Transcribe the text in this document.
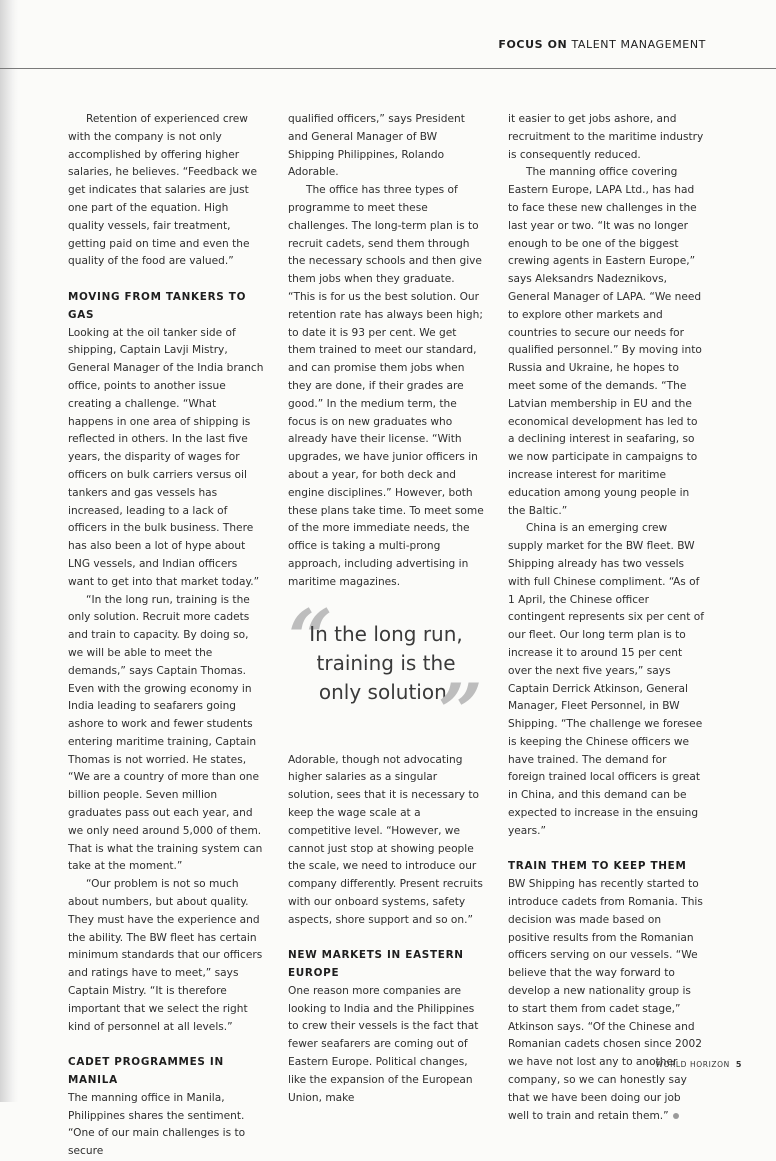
FOCUS ON TALENT MANAGEMENT

Retention of experienced crew with the company is not only accomplished by offering higher salaries, he believes. “Feedback we get indicates that salaries are just one part of the equation. High quality vessels, fair treatment, getting paid on time and even the quality of the food are valued.”

MOVING FROM TANKERS TO GAS

Looking at the oil tanker side of shipping, Captain Lavji Mistry, General Manager of the India branch office, points to another issue creating a challenge. “What happens in one area of shipping is reflected in others. In the last five years, the disparity of wages for officers on bulk carriers versus oil tankers and gas vessels has increased, leading to a lack of officers in the bulk business. There has also been a lot of hype about LNG vessels, and Indian officers want to get into that market today.”

“In the long run, training is the only solution. Recruit more cadets and train to capacity. By doing so, we will be able to meet the demands,” says Captain Thomas. Even with the growing economy in India leading to seafarers going ashore to work and fewer students entering maritime training, Captain Thomas is not worried. He states, “We are a country of more than one billion people. Seven million graduates pass out each year, and we only need around 5,000 of them. That is what the training system can take at the moment.”

“Our problem is not so much about numbers, but about quality. They must have the experience and the ability. The BW fleet has certain minimum standards that our officers and ratings have to meet,” says Captain Mistry. “It is therefore important that we select the right kind of personnel at all levels.”

CADET PROGRAMMES IN MANILA

The manning office in Manila, Philippines shares the sentiment. “One of our main challenges is to secure

qualified officers,” says President and General Manager of BW Shipping Philippines, Rolando Adorable.

The office has three types of programme to meet these challenges. The long-term plan is to recruit cadets, send them through the necessary schools and then give them jobs when they graduate. “This is for us the best solution. Our retention rate has always been high; to date it is 93 per cent. We get them trained to meet our standard, and can promise them jobs when they are done, if their grades are good.” In the medium term, the focus is on new graduates who already have their license. “With upgrades, we have junior officers in about a year, for both deck and engine disciplines.” However, both these plans take time. To meet some of the more immediate needs, the office is taking a multi-prong approach, including advertising in maritime magazines.

“
In the long run, training is the only solution.
”

Adorable, though not advocating higher salaries as a singular solution, sees that it is necessary to keep the wage scale at a competitive level. “However, we cannot just stop at showing people the scale, we need to introduce our company differently. Present recruits with our onboard systems, safety aspects, shore support and so on.”

NEW MARKETS IN EASTERN EUROPE

One reason more companies are looking to India and the Philippines to crew their vessels is the fact that fewer seafarers are coming out of Eastern Europe. Political changes, like the expansion of the European Union, make

it easier to get jobs ashore, and recruitment to the maritime industry is consequently reduced.

The manning office covering Eastern Europe, LAPA Ltd., has had to face these new challenges in the last year or two. “It was no longer enough to be one of the biggest crewing agents in Eastern Europe,” says Aleksandrs Nadeznikovs, General Manager of LAPA. “We need to explore other markets and countries to secure our needs for qualified personnel.” By moving into Russia and Ukraine, he hopes to meet some of the demands. “The Latvian membership in EU and the economical development has led to a declining interest in seafaring, so we now participate in campaigns to increase interest for maritime education among young people in the Baltic.”

China is an emerging crew supply market for the BW fleet. BW Shipping already has two vessels with full Chinese compliment. “As of 1 April, the Chinese officer contingent represents six per cent of our fleet. Our long term plan is to increase it to around 15 per cent over the next five years,” says Captain Derrick Atkinson, General Manager, Fleet Personnel, in BW Shipping. “The challenge we foresee is keeping the Chinese officers we have trained. The demand for foreign trained local officers is great in China, and this demand can be expected to increase in the ensuing years.”

TRAIN THEM TO KEEP THEM

BW Shipping has recently started to introduce cadets from Romania. This decision was made based on positive results from the Romanian officers serving on our vessels. “We believe that the way forward to develop a new nationality group is to start them from cadet stage,” Atkinson says. “Of the Chinese and Romanian cadets chosen since 2002 we have not lost any to another company, so we can honestly say that we have been doing our job well to train and retain them.”

WORLD HORIZON 5
